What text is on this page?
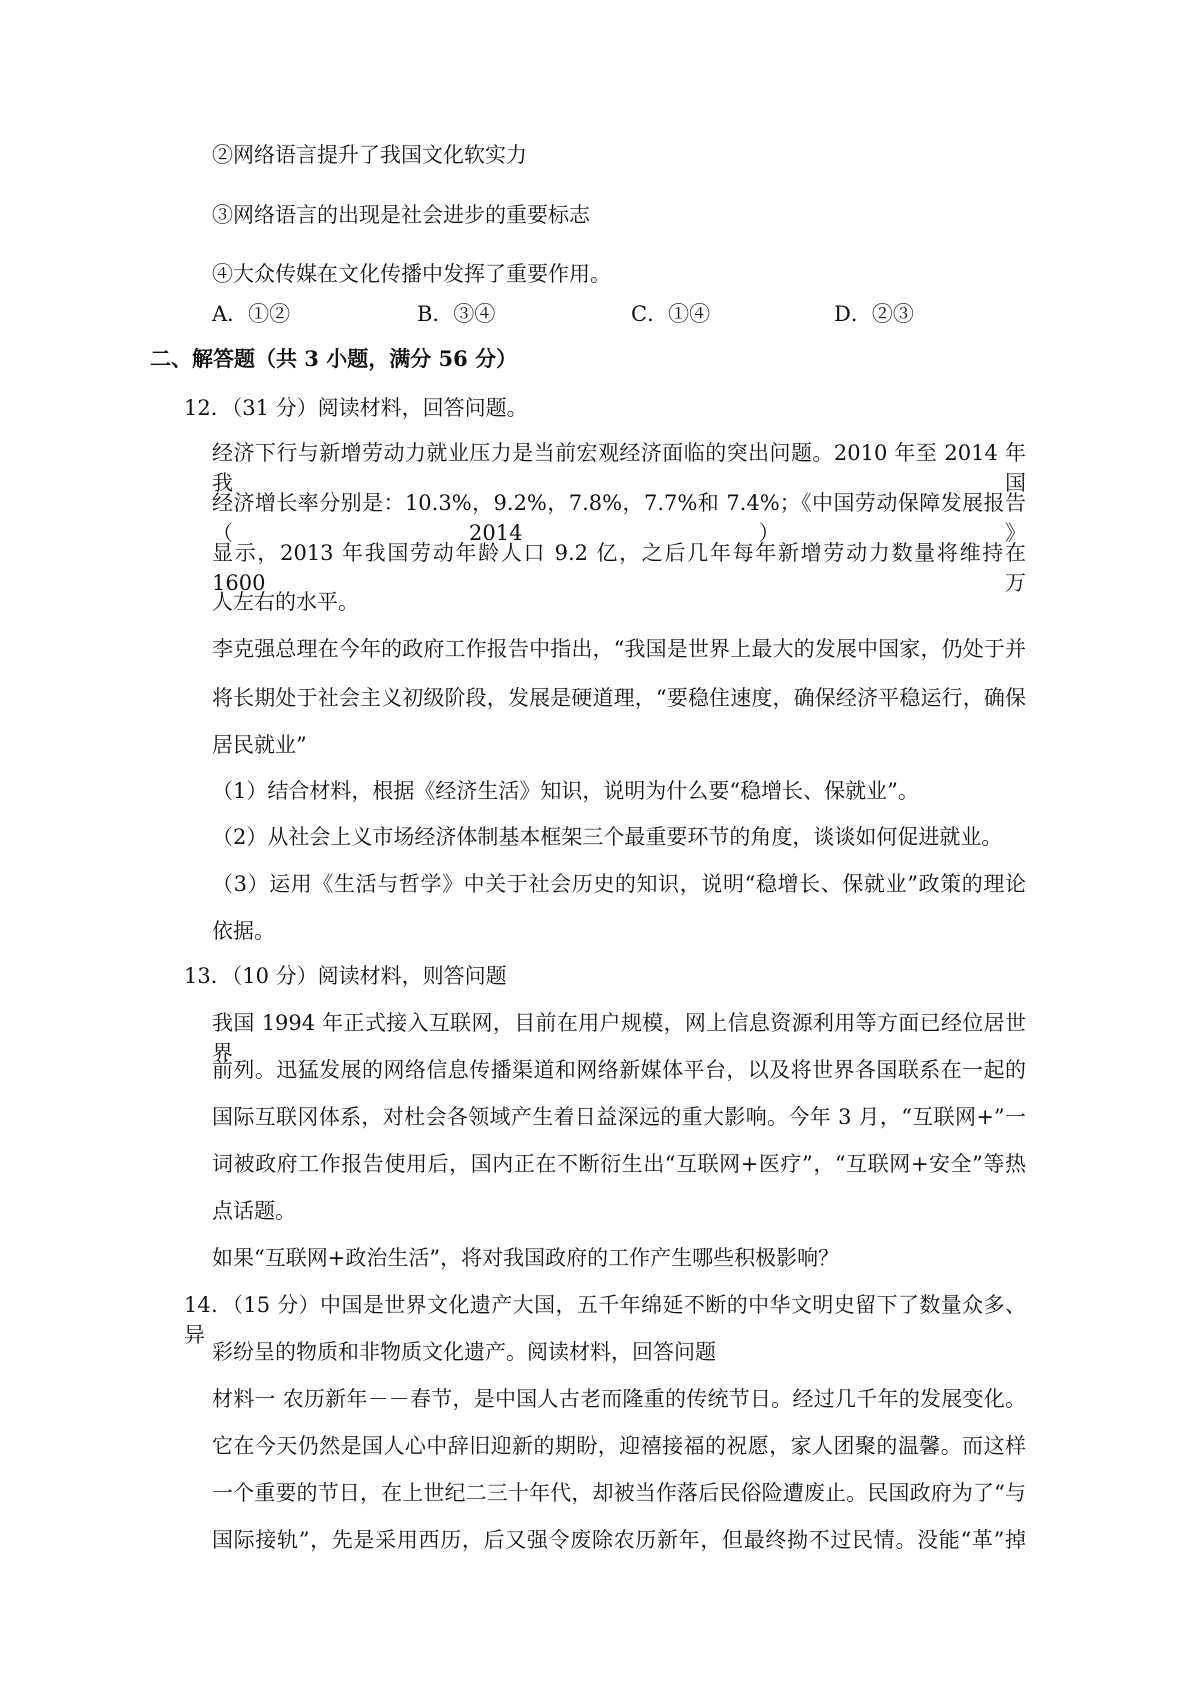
②网络语言提升了我国文化软实力
③网络语言的出现是社会进步的重要标志
④大众传媒在文化传播中发挥了重要作用。
A．①②	B．③④	C．①④	D．②③
二、解答题（共 3 小题，满分 56 分）
12．（31 分）阅读材料，回答问题。
经济下行与新增劳动力就业压力是当前宏观经济面临的突出问题。2010 年至 2014 年我国
经济增长率分别是：10.3%，9.2%，7.8%，7.7%和 7.4%；《中国劳动保障发展报告（2014）》
显示，2013 年我国劳动年龄人口 9.2 亿，之后几年每年新增劳动力数量将维持在 1600 万
人左右的水平。
李克强总理在今年的政府工作报告中指出，“我国是世界上最大的发展中国家，仍处于并
将长期处于社会主义初级阶段，发展是硬道理，“要稳住速度，确保经济平稳运行，确保
居民就业”
（1）结合材料，根据《经济生活》知识，说明为什么要“稳增长、保就业”。
（2）从社会上义市场经济体制基本框架三个最重要环节的角度，谈谈如何促进就业。
（3）运用《生活与哲学》中关于社会历史的知识，说明“稳增长、保就业”政策的理论
依据。
13．（10 分）阅读材料，则答问题
我国 1994 年正式接入互联网，目前在用户规模，网上信息资源利用等方面已经位居世界
前列。迅猛发展的网络信息传播渠道和网络新媒体平台，以及将世界各国联系在一起的
国际互联冈体系，对杜会各领域产生着日益深远的重大影响。今年 3 月，“互联网+”一
词被政府工作报告使用后，国内正在不断衍生出“互联网+医疗”，“互联网+安全”等热
点话题。
如果“互联网+政治生活”，将对我国政府的工作产生哪些积极影响？
14．（15 分）中国是世界文化遗产大国，五千年绵延不断的中华文明史留下了数量众多、异
彩纷呈的物质和非物质文化遗产。阅读材料，回答问题
材料一 农历新年－－春节，是中国人古老而隆重的传统节日。经过几千年的发展变化。
它在今天仍然是国人心中辞旧迎新的期盼，迎禧接福的祝愿，家人团聚的温馨。而这样
一个重要的节日，在上世纪二三十年代，却被当作落后民俗险遭废止。民国政府为了“与
国际接轨”，先是采用西历，后又强令废除农历新年，但最终拗不过民情。没能“革”掉
